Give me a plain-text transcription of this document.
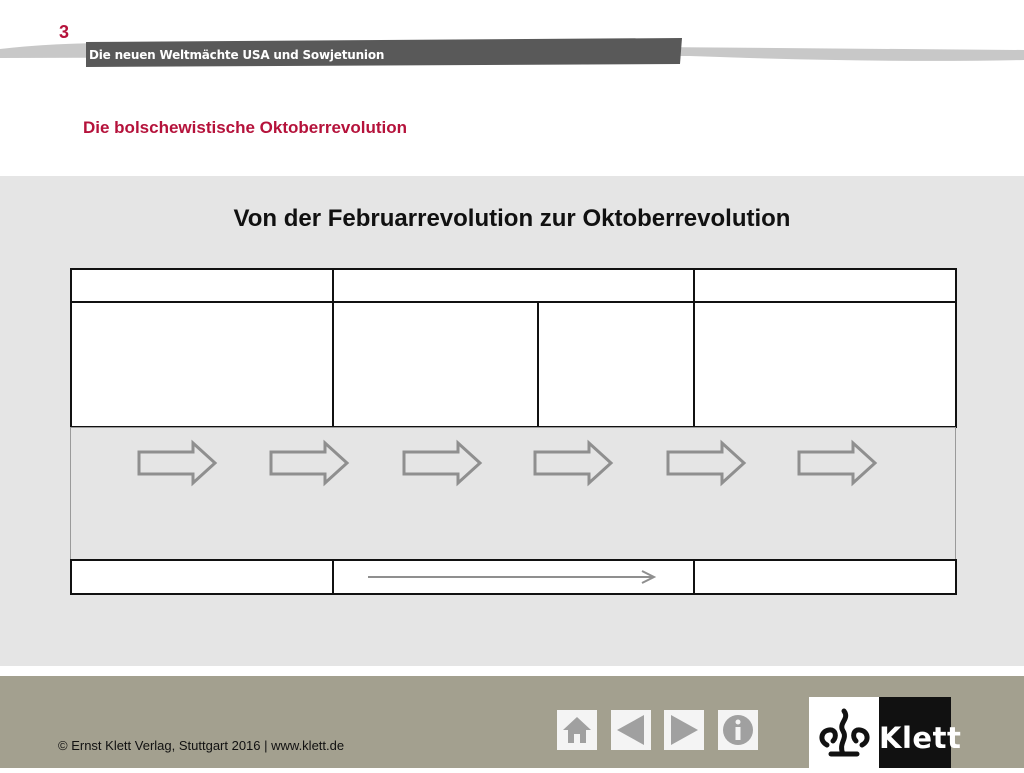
3
Die neuen Weltmächte USA und Sowjetunion
Die bolschewistische Oktoberrevolution
Von der Februarrevolution zur Oktoberrevolution
© Ernst Klett Verlag, Stuttgart 2016 | www.klett.de	Klett
